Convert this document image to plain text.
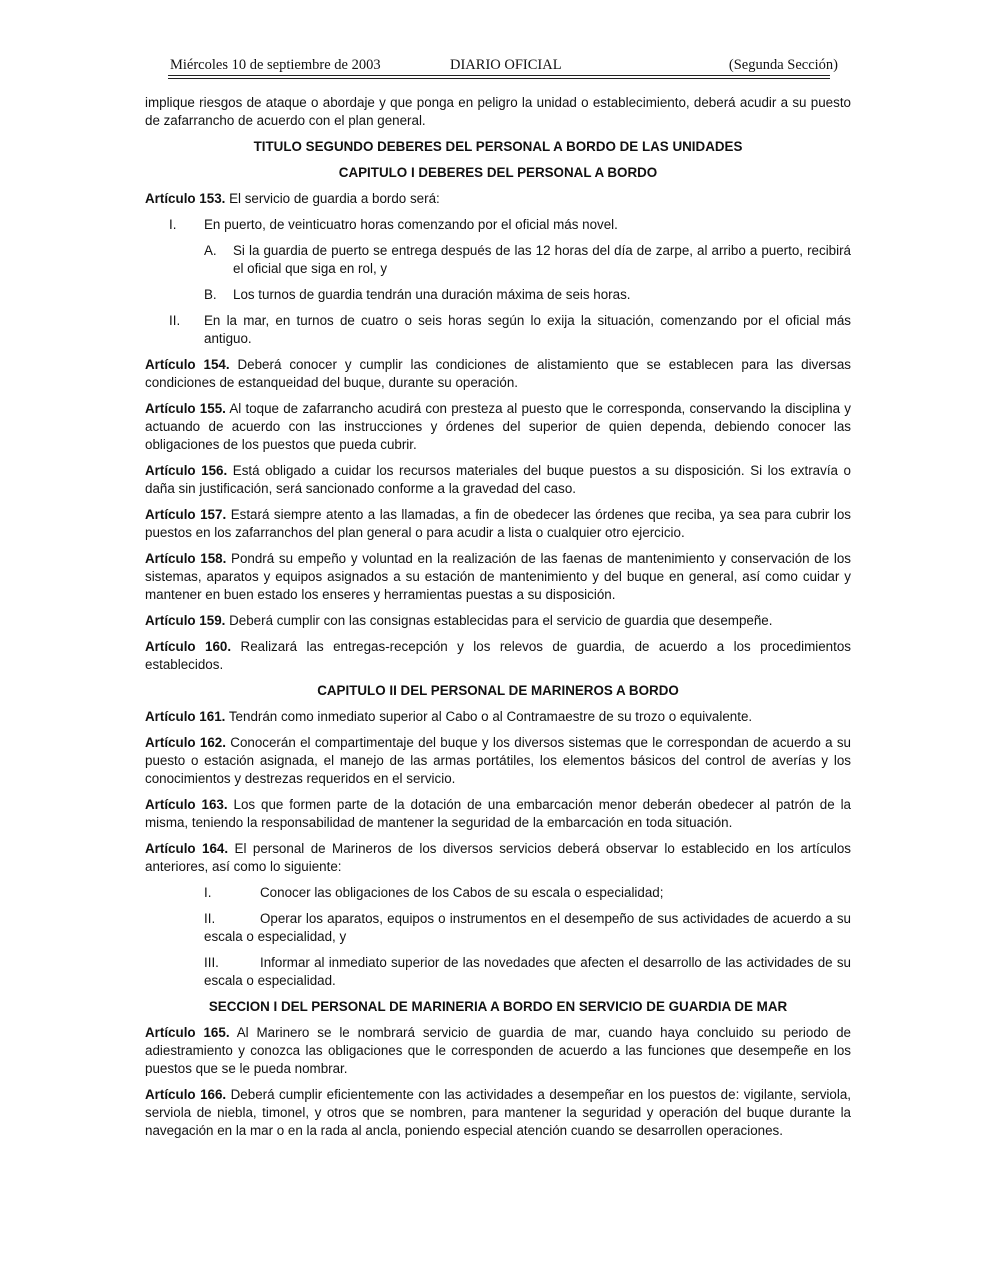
Miércoles 10 de septiembre de 2003	DIARIO OFICIAL	(Segunda Sección)

implique riesgos de ataque o abordaje y que ponga en peligro la unidad o establecimiento, deberá acudir a su puesto de zafarrancho de acuerdo con el plan general.

TITULO SEGUNDO DEBERES DEL PERSONAL A BORDO DE LAS UNIDADES

CAPITULO I DEBERES DEL PERSONAL A BORDO

Artículo 153. El servicio de guardia a bordo será:

I. En puerto, de veinticuatro horas comenzando por el oficial más novel.
A. Si la guardia de puerto se entrega después de las 12 horas del día de zarpe, al arribo a puerto, recibirá el oficial que siga en rol, y
B. Los turnos de guardia tendrán una duración máxima de seis horas.
II. En la mar, en turnos de cuatro o seis horas según lo exija la situación, comenzando por el oficial más antiguo.

Artículo 154. Deberá conocer y cumplir las condiciones de alistamiento que se establecen para las diversas condiciones de estanqueidad del buque, durante su operación.

Artículo 155. Al toque de zafarrancho acudirá con presteza al puesto que le corresponda, conservando la disciplina y actuando de acuerdo con las instrucciones y órdenes del superior de quien dependa, debiendo conocer las obligaciones de los puestos que pueda cubrir.

Artículo 156. Está obligado a cuidar los recursos materiales del buque puestos a su disposición. Si los extravía o daña sin justificación, será sancionado conforme a la gravedad del caso.

Artículo 157. Estará siempre atento a las llamadas, a fin de obedecer las órdenes que reciba, ya sea para cubrir los puestos en los zafarranchos del plan general o para acudir a lista o cualquier otro ejercicio.

Artículo 158. Pondrá su empeño y voluntad en la realización de las faenas de mantenimiento y conservación de los sistemas, aparatos y equipos asignados a su estación de mantenimiento y del buque en general, así como cuidar y mantener en buen estado los enseres y herramientas puestas a su disposición.

Artículo 159. Deberá cumplir con las consignas establecidas para el servicio de guardia que desempeñe.

Artículo 160. Realizará las entregas-recepción y los relevos de guardia, de acuerdo a los procedimientos establecidos.

CAPITULO II DEL PERSONAL DE MARINEROS A BORDO

Artículo 161. Tendrán como inmediato superior al Cabo o al Contramaestre de su trozo o equivalente.

Artículo 162. Conocerán el compartimentaje del buque y los diversos sistemas que le correspondan de acuerdo a su puesto o estación asignada, el manejo de las armas portátiles, los elementos básicos del control de averías y los conocimientos y destrezas requeridos en el servicio.

Artículo 163. Los que formen parte de la dotación de una embarcación menor deberán obedecer al patrón de la misma, teniendo la responsabilidad de mantener la seguridad de la embarcación en toda situación.

Artículo 164. El personal de Marineros de los diversos servicios deberá observar lo establecido en los artículos anteriores, así como lo siguiente:

I.	Conocer las obligaciones de los Cabos de su escala o especialidad;

II.	Operar los aparatos, equipos o instrumentos en el desempeño de sus actividades de acuerdo a su escala o especialidad, y

III.	Informar al inmediato superior de las novedades que afecten el desarrollo de las actividades de su escala o especialidad.

SECCION I DEL PERSONAL DE MARINERIA A BORDO EN SERVICIO DE GUARDIA DE MAR

Artículo 165. Al Marinero se le nombrará servicio de guardia de mar, cuando haya concluido su periodo de adiestramiento y conozca las obligaciones que le corresponden de acuerdo a las funciones que desempeñe en los puestos que se le pueda nombrar.

Artículo 166. Deberá cumplir eficientemente con las actividades a desempeñar en los puestos de: vigilante, serviola, serviola de niebla, timonel, y otros que se nombren, para mantener la seguridad y operación del buque durante la navegación en la mar o en la rada al ancla, poniendo especial atención cuando se desarrollen operaciones.
